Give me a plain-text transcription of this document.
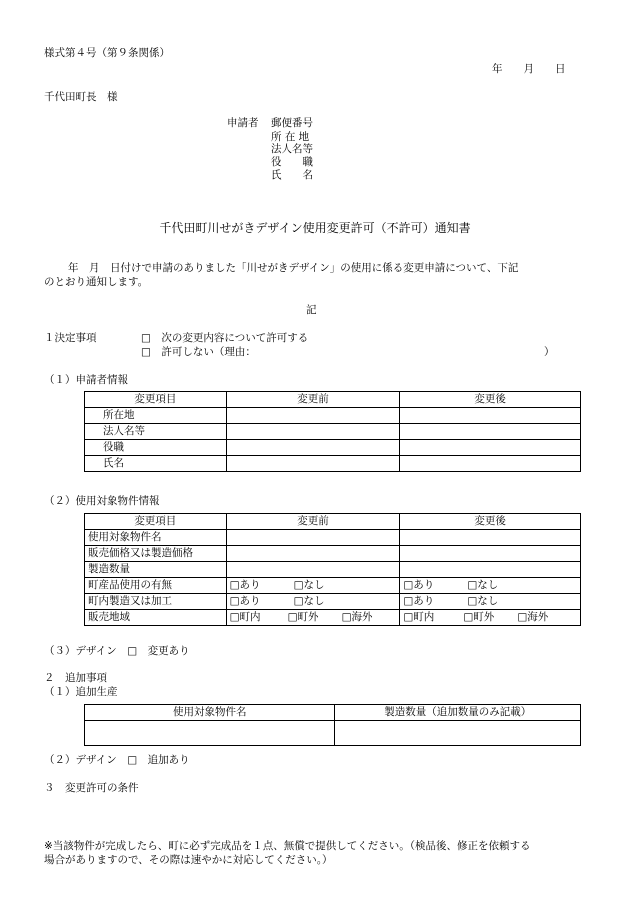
様式第４号（第９条関係）
年　　月　　日
千代田町長　様
申請者 郵便番号
所 在 地
法人名等
役　　職
氏　　名
千代田町川せがきデザイン使用変更許可（不許可）通知書
年　月　日付けで申請のありました「川せがきデザイン」の使用に係る変更申請について、下記
のとおり通知します。
記
１決定事項	□　次の変更内容について許可する
□　許可しない（理由：	）
（１）申請者情報
変更項目	変更前	変更後
所在地		
法人名等		
役職		
氏名		
（２）使用対象物件情報
変更項目	変更前	変更後
使用対象物件名		
販売価格又は製造価格		
製造数量		
町産品使用の有無	□あり □なし	□あり □なし
町内製造又は加工	□あり □なし	□あり □なし
販売地域	□町内 □町外 □海外	□町内 □町外 □海外
（３）デザイン　□　変更あり
２　追加事項
（１）追加生産
使用対象物件名	製造数量（追加数量のみ記載）

（２）デザイン　□　追加あり
３　変更許可の条件
※当該物件が完成したら、町に必ず完成品を１点、無償で提供してください。（検品後、修正を依頼する
場合がありますので、その際は速やかに対応してください。）
